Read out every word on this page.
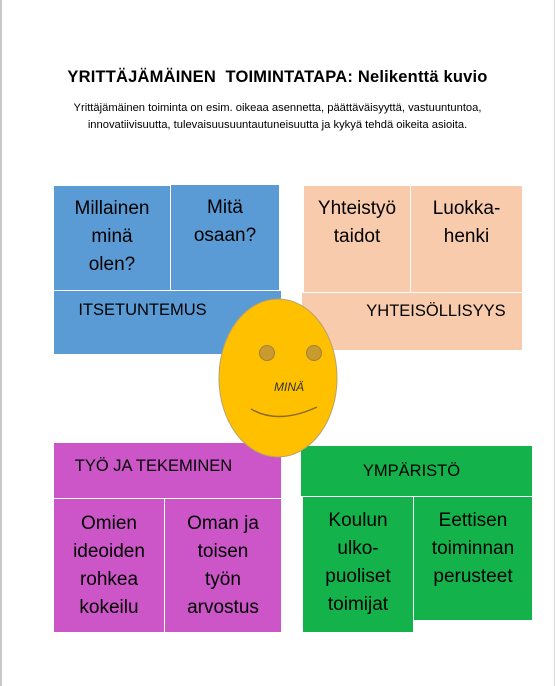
YRITTÄJÄMÄINEN  TOIMINTATAPA: Nelikenttä kuvio
Yrittäjämäinen toiminta on esim. oikeaa asennetta, päättäväisyyttä, vastuuntuntoa, innovatiivisuutta, tulevaisuusuuntautuneisuutta ja kykyä tehdä oikeita asioita.
Millainen
minä
olen?
Mitä
osaan?
ITSETUNTEMUS
Yhteistyö
taidot
Luokka-
henki
YHTEISÖLLISYYS
TYÖ JA TEKEMINEN
Omien
ideoiden
rohkea
kokeilu
Oman ja
toisen
työn
arvostus
YMPÄRISTÖ
Koulun
ulko-
puoliset
toimijat
Eettisen
toiminnan
perusteet
MINÄ
